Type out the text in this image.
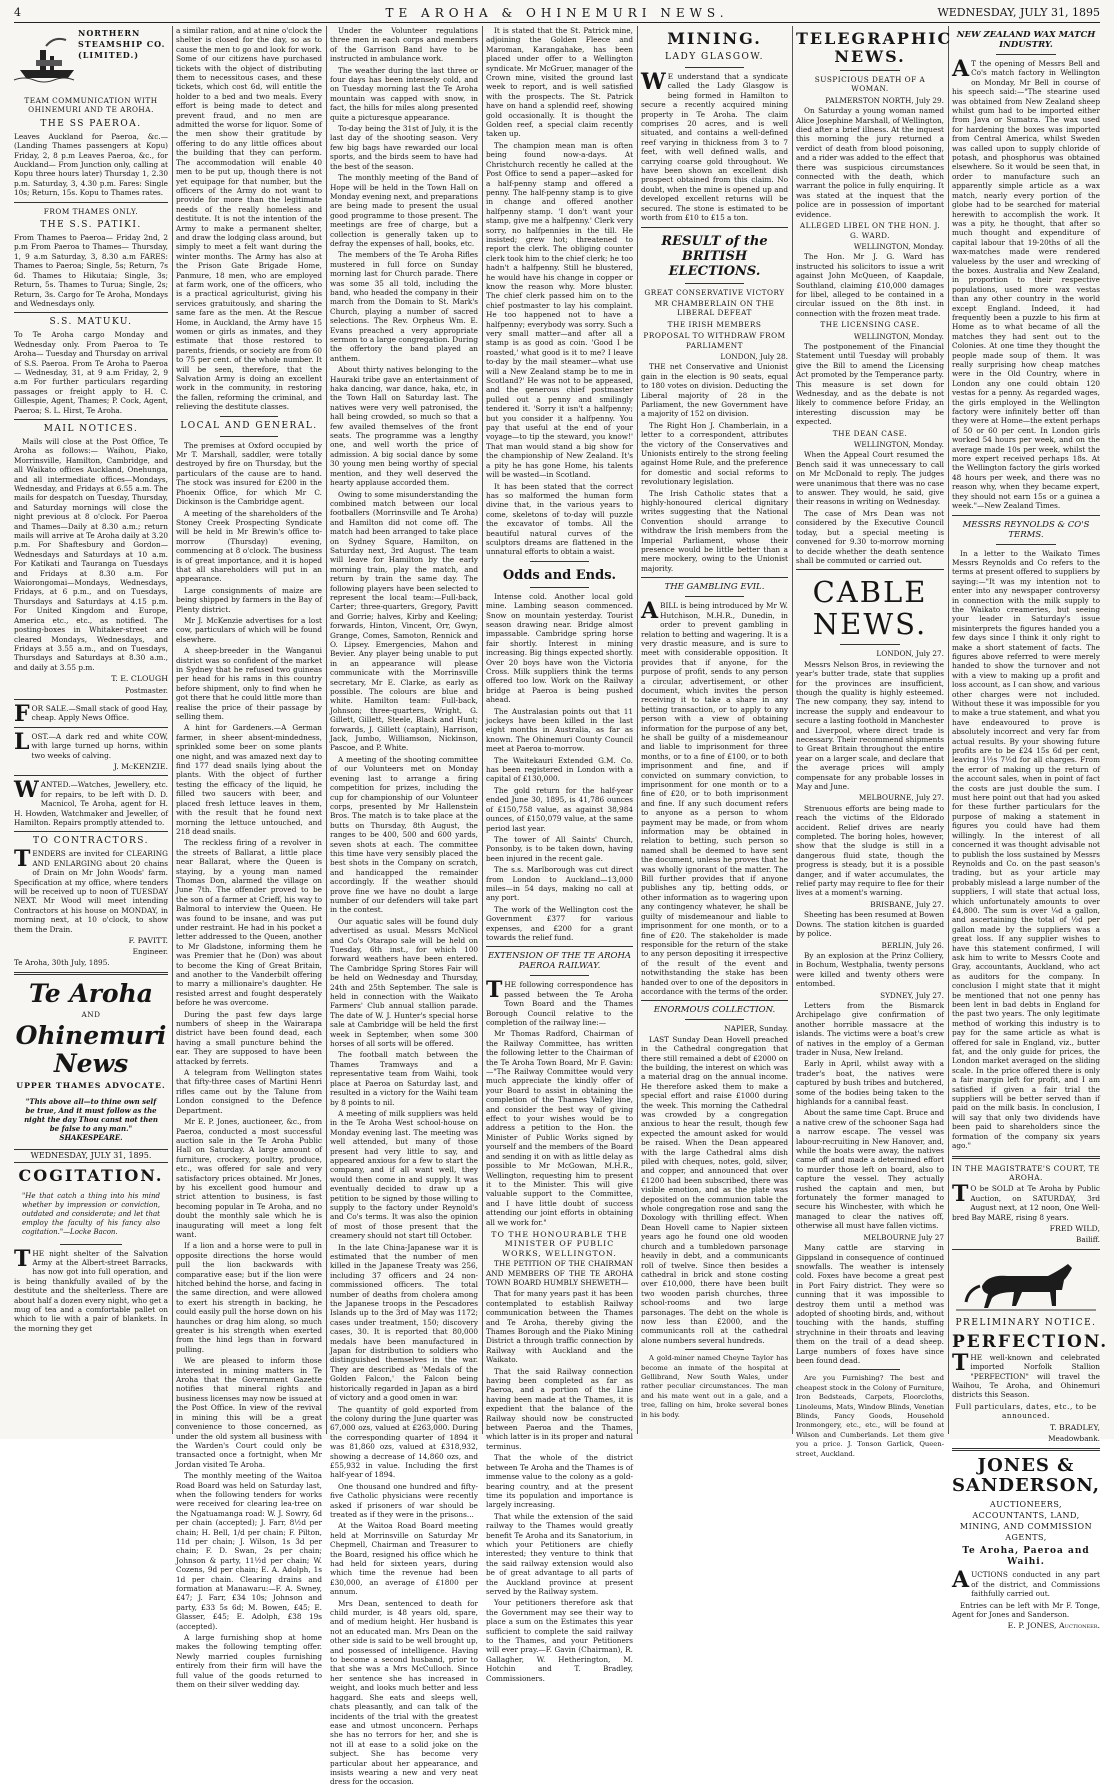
4	TE AROHA & OHINEMURI NEWS.	WEDNESDAY, JULY 31, 1895

NORTHERN STEAMSHIP CO. (LIMITED.)

TEAM COMMUNICATION WITH OHINEMURI AND TE AROHA.

THE SS PAEROA.

Leaves Auckland for Paeroa, &c.— (Landing Thames passengers at Kopu) Friday, 2, 8 p.m Leaves Paeroa, &c., for Auckland— From Junction only, calling at Kopu three hours later) Thursday 1, 2.30 p.m. Saturday, 3, 4.30 p.m. Fares: Single 10s; Return, 15s. Kopu to Thames rates.

FROM THAMES ONLY.

THE S.S. PATIKI.

From Thames to Paeroa— Friday 2nd, 2 p.m From Paeroa to Thames— Thursday, 1, 9 a.m Saturday, 3, 8.30 a.m FARES: Thames to Paeroa; Single, 5s; Return, 7s 6d. Thames to Hikutaia; Single, 3s; Return, 5s. Thames to Turua; Single, 2s; Return, 3s. Cargo for Te Aroha, Mondays and Wednesdays only.

S.S. MATUKU.

To Te Aroha cargo Monday and Wednesday only. From Paeroa to Te Aroha— Tuesday and Thursday on arrival of S.S. Paeroa. From Te Aroha to Paeroa— Wednesday, 31, at 9 a.m Friday, 2, 9 a.m For further particulars regarding passages or freight apply to H. C. Gillespie, Agent, Thames; P. Cock, Agent, Paeroa; S. L. Hirst, Te Aroha.

MAIL NOTICES.

Mails will close at the Post Office, Te Aroha as follows:— Waihou, Piako, Morrinsville, Hamilton, Cambridge, and all Waikato offices Auckland, Onehunga, and all intermediate offices—Mondays, Wednesday, and Fridays at 6.55 a.m. The mails for despatch on Tuesday, Thursday, and Saturday mornings will close the night previous at 8 o'clock. For Paeroa and Thames—Daily at 8.30 a.m.; return mails will arrive at Te Aroha daily at 3.20 p.m. For Shaftesbury and Gordon—Wednesdays and Saturdays at 10 a.m. For Katikati and Tauranga on Tuesdays and Fridays at 8.30 a.m. For Waiorongomai—Mondays, Wednesdays, Fridays, at 6 p.m., and on Tuesdays, Thursdays and Saturdays at 4.15 p.m. For United Kingdom and Europe, America etc., etc., as notified. The posting-boxes in Whitaker-street are cleared Mondays, Wednesdays, and Fridays at 3.55 a.m., and on Tuesdays, Thursdays and Saturdays at 8.30 a.m., and daily at 3.55 p.m.

T. E. CLOUGH

Postmaster.

FOR SALE.—Small stack of good Hay, cheap. Apply News Office.

LOST.—A dark red and white COW, with large turned up horns, within two weeks of calving.

J. McKENZIE.

WANTED.—Watches, Jewellery, etc. for repairs, to be left with D. D. Macnicol, Te Aroha, agent for H. H. Howden, Watchmaker and Jeweller, of Hamilton. Repairs promptly attended to.

TO CONTRACTORS.

TENDERS are invited for CLEARING AND ENLARGING about 20 chains of Drain on Mr John Woods' farm. Specification at my office, where tenders will be received up to noon of TUESDAY NEXT. Mr Wood will meet intending Contractors at his house on MONDAY, in morning next, at 10 o'clock, to show them the Drain.

F. PAVITT.

Engineer.

Te Aroha, 30th July, 1895.

Te Aroha

AND

Ohinemuri News

UPPER THAMES ADVOCATE.

"This above all—to thine own self be true, And it must follow as the night the day Thou canst not then be false to any man." SHAKESPEARE.

WEDNESDAY, JULY 31, 1895.

COGITATION.

"He that catch a thing into his mind whether by impression or conviction, outdated and considerate; and let that employ the faculty of his fancy also cogitation."—Locke Bacon.

THE night shelter of the Salvation Army at the Albert-street Barracks, has now got into full operation, and is being thankfully availed of by the destitute and the shelterless. There are about half a dozen every night, who get a mug of tea and a comfortable pallet on which to lie with a pair of blankets. In the morning they get

a similar ration, and at nine o'clock the shelter is closed for the day, so as to cause the men to go and look for work. Some of our citizens have purchased tickets with the object of distributing them to necessitous cases, and these tickets, which cost 6d, will entitle the holder to a bed and two meals. Every effort is being made to detect and prevent fraud, and no men are admitted the worse for liquor. Some of the men show their gratitude by offering to do any little offices about the building that they can perform. The accommodation will enable 40 men to be put up, though there is not yet equipage for that number, but the officers of the Army do not want to provide for more than the legitimate needs of the really homeless and destitute. It is not the intention of the Army to make a permanent shelter, and draw the lodging class around, but simply to meet a felt want during the winter months. The Army has also at the Prison Gate Brigade Home, Panmure, 18 men, who are employed at farm work, one of the officers, who is a practical agriculturist, giving his services gratuitously, and sharing the same fare as the men. At the Rescue Home, in Auckland, the Army have 15 women or girls as inmates, and they estimate that those restored to parents, friends, or society are from 60 to 75 per cent. of the whole number. It will be seen, therefore, that the Salvation Army is doing an excellent work in the community, in restoring the fallen, reforming the criminal, and relieving the destitute classes.

LOCAL AND GENERAL.

The premises at Oxford occupied by Mr T. Marshall, saddler, were totally destroyed by fire on Thursday, but the particulars of the cause are to hand. The stock was insured for £200 in the Phoenix Office, for which Mr C. Dickinson is the Cambridge agent.

A meeting of the shareholders of the Stoney Creek Prospecting Syndicate will be held in Mr Brewin's office to-morrow (Thursday) evening, commencing at 8 o'clock. The business is of great importance, and it is hoped that all shareholders will put in an appearance.

Large consignments of maize are being shipped by farmers in the Bay of Plenty district.

Mr J. McKenzie advertises for a lost cow, particulars of which will be found elsewhere.

A sheep-breeder in the Wanganui district was so confident of the market in Sydney that he refused two guineas per head for his rams in this country before shipment, only to find when he got there that he could little more than realise the price of their passage by selling them.

A hint for Gardeners.—A German farmer, in sheer absent-mindedness, sprinkled some beer on some plants one night, and was amazed next day to find 177 dead snails lying about the plants. With the object of further testing the efficacy of the liquid, he filled two saucers with beer, and placed fresh lettuce leaves in them, with the result that he found next morning the lettuce untouched, and 218 dead snails.

The reckless firing of a revolver in the streets of Ballarat, a little place near Ballarat, where the Queen is staying, by a young man named Thomas Don, alarmed the village on June 7th. The offender proved to be the son of a farmer at Crieff, his way to Balmoral to interview the Queen. He was found to be insane, and was put under restraint. He had in his pocket a letter addressed to the Queen, another to Mr Gladstone, informing them he was Premier that he (Don) was about to become the King of Great Britain, and another to the Vanderbilt offering to marry a millionaire's daughter. He resisted arrest and fought desperately before he was overcome.

During the past few days large numbers of sheep in the Wairarapa district have been found dead, each having a small puncture behind the ear. They are supposed to have been attacked by ferrets.

A telegram from Wellington states that fifty-three cases of Martini Henri rifles came out by the Talune from London consigned to the Defence Department.

Mr E. P. Jones, auctioneer, &c., from Paeroa, conducted a most successful auction sale in the Te Aroha Public Hall on Saturday. A large amount of furniture, crockery, poultry, produce, etc., was offered for sale and very satisfactory prices obtained. Mr Jones, by his excellent good humour and strict attention to business, is fast becoming popular in Te Aroha, and no doubt the monthly sale which he is inaugurating will meet a long felt want.

If a lion and a horse were to pull in opposite directions the horse would pull the lion backwards with comparative ease; but if the lion were hitched behind the horse, and facing in the same direction, and were allowed to exert his strength in backing, he could easily pull the horse down on his haunches or drag him along, so much greater is his strength when exerted from the hind legs than in forward pulling.

We are pleased to inform those interested in mining matters in Te Aroha that the Government Gazette notifies that mineral rights and business licenses may now be issued at the Post Office. In view of the revival in mining this will be a great convenience to those concerned, as under the old system all business with the Warden's Court could only be transacted once a fortnight, when Mr Jordan visited Te Aroha.

The monthly meeting of the Waitoa Road Board was held on Saturday last, when the following tenders for works were received for clearing lea-tree on the Ngatuamanga road: W. J. Sowry, 6d per chain (accepted); J. Farr, 8½d per chain; H. Bell, 1/d per chain; F. Pilton, 11d per chain; J. Wilson, 1s 3d per chain; F. D. Swan, 2s per chain; Johnson & party, 11½d per chain; W. Cozens, 9d per chain; E. A. Adolph, 1s 1d per chain. Clearing drains and formation at Manawaru:—F. A. Swney, £47; J. Farr, £34 10s; Johnson and party, £33 5s 6d; M. Bowen, £45; E. Glasser, £45; E. Adolph, £38 19s (accepted).

A large furnishing shop at home makes the following tempting offer. Newly married couples furnishing entirely from their firm will have the full value of the goods returned to them on their silver wedding day.

Under the Volunteer regulations three men in each corps and members of the Garrison Band have to be instructed in ambulance work.

The weather during the last three or four days has been intensely cold, and on Tuesday morning last the Te Aroha mountain was capped with snow, in fact, the hills for miles along presented quite a picturesque appearance.

To-day being the 31st of July, it is the last day of the shooting season. Very few big bags have rewarded our local sports, and the birds seem to have had the best of the season.

The monthly meeting of the Band of Hope will be held in the Town Hall on Monday evening next, and preparations are being made to present the usual good programme to those present. The meetings are free of charge, but a collection is generally taken up to defray the expenses of hall, books, etc.

The members of the Te Aroha Rifles mustered in full force on Sunday morning last for Church parade. There was some 35 all told, including the band, who headed the company in their march from the Domain to St. Mark's Church, playing a number of sacred selections. The Rev. Orpheus Wm. E. Evans preached a very appropriate sermon to a large congregation. During the offertory the band played an anthem.

About thirty natives belonging to the Hauraki tribe gave an entertainment of haka dancing, war dance, haka, etc, in the Town Hall on Saturday last. The natives were very well patronised, the hall being crowded, so much so that a few availed themselves of the front seats. The programme was a lengthy one, and well worth the price of admission. A big social dance by some 30 young men being worthy of special mention, and they well deserved the hearty applause accorded them.

Owing to some misunderstanding the combined match between our local footballers (Morrinsville and Te Aroha) and Hamilton did not come off. The match had been arranged to take place on Sydney Square, Hamilton, on Saturday next, 3rd August. The team will leave for Hamilton by the early morning train, play the match, and return by train the same day. The following players have been selected to represent the local team:—Full-back, Carter; three-quarters, Gregory, Pavitt and Gorrie; halves, Kirby and Keeling; forwards, Hinton, Vincent, Orr, Gwyn, Grange, Comes, Samoton, Rennick and O. Lipsey. Emergencies, Mahon and Bevier. Any player being unable to put in an appearance will please communicate with the Morrinsville secretary, Mr E. Clarke, as early as possible. The colours are blue and white. Hamilton team: Full-back, Johnson; three-quarters, Wright, G. Gillett, Gillett, Steele, Black and Hunt; forwards, J. Gillett (captain), Harrison, Jack, Jumbo, Williamson, Nickinson, Pascoe, and P. White.

A meeting of the shooting committee of our Volunteers met on Monday evening last to arrange a firing competition for prizes, including the cup for championship of our Volunteer corps, presented by Mr Hallenstein Bros. The match is to take place at the butts on Thursday, 8th August, the ranges to be 400, 500 and 600 yards, seven shots at each. The committee this time have very sensibly placed the best shots in the Company on scratch, and handicapped the remainder accordingly. If the weather should prove fine we have no doubt a large number of our defenders will take part in the contest.

Our aquatic sales will be found duly advertised as usual. Messrs McNicol and Co's Otarapo sale will be held on Tuesday, 6th inst., for which 100 forward weathers have been entered. The Cambridge Spring Stores Fair will be held on Wednesday and Thursday, 24th and 25th September. The sale is held in connection with the Waikato Farmers' Club annual stallion parade. The date of W. J. Hunter's special horse sale at Cambridge will be held the first week in September, when some 300 horses of all sorts will be offered.

The football match between the Thames Tramways and a representative team from Waihi, took place at Paeroa on Saturday last, and resulted in a victory for the Waihi team by 8 points to nil.

A meeting of milk suppliers was held in the Te Aroha West school-house on Monday evening last. The meeting was well attended, but many of those present had very little to say, and appeared anxious for a few to start the company, and if all want well, they would then come in and supply. It was eventually decided to draw up a petition to be signed by those willing to supply to the factory under Reynold's and Co's terms. It was also the opinion of most of those present that the creamery should not start till October.

In the late China-Japanese war it is estimated that the number of men killed in the Japanese Treaty was 256, including 37 officers and 24 non-commissioned officers. The total number of deaths from cholera among the Japanese troops in the Pescadores Islands up to the 3rd of May was 1172; cases under treatment, 150; discovery cases, 30. It is reported that 80,000 medals have been manufactured in Japan for distribution to soldiers who distinguished themselves in the war. They are described as 'Medals of the Golden Falcon,' the Falcon being historically regarded in Japan as a bird of victory and a good omen in war.

The quantity of gold exported from the colony during the June quarter was 67,000 ozs, valued at £263,000. During the corresponding quarter of 1894 it was 81,860 ozs, valued at £318,932, showing a decrease of 14,860 ozs, and £55,932 in value. Including the first half-year of 1894.

One thousand one hundred and fifty-five Catholic physicians were recently asked if prisoners of war should be treated as if they were in the prisons...

At the Waitoa Road Board meeting held at Morrinsville on Saturday Mr Chepmell, Chairman and Treasurer to the Board, resigned his office which he had held for sixteen years, during which time the revenue had been £30,000, an average of £1800 per annum.

Mrs Dean, sentenced to death for child murder, is 48 years old, spare, and of medium height. Her husband is not an educated man. Mrs Dean on the other side is said to be well brought up, and possessed of intelligence. Having to become a second husband, prior to that she was a Mrs McCulloch. Since her sentence she has increased in weight, and looks much better and less haggard. She eats and sleeps well, chats pleasantly, and can talk of the incidents of the trial with the greatest ease and utmost unconcern. Perhaps she has no terrors for her, and she is not ill at ease to a solid joke on the subject. She has become very particular about her appearance, and insists wearing a new and very neat dress for the occasion.

It is stated that the St. Patrick mine, adjoining the Golden Fleece and Maroman, Karangahake, has been placed under offer to a Wellington syndicate. Mr McGruer, manager of the Crown mine, visited the ground last week to report, and is well satisfied with the prospects. The St. Patrick have on hand a splendid reef, showing gold occasionally. It is thought the Golden reef, a special claim recently taken up.

The champion mean man is often being found now-a-days. At Christchurch recently he called at the Post Office to send a paper—asked for a half-penny stamp and offered a penny. The half-penny stamp is to give in change and offered another halfpenny stamp. 'I don't want your stamp, give me a halfpenny.' Clerk very sorry, no halfpennies in the till. He insisted; grew hot; threatened to report the clerk. The obliging counter clerk took him to the chief clerk; he too hadn't a halfpenny. Still he blustered, he would have his change in copper or know the reason why. More bluster. The chief clerk passed him on to the chief postmaster to lay his complaint. He too happened not to have a halfpenny; everybody was sorry. Such a very small matter—and after all a stamp is as good as coin. 'Good I be roasted,' what good is it to me? I leave to-day by the mail steamer—what use will a New Zealand stamp be to me in Scotland?' He was not to be appeased, and the generous chief postmaster pulled out a penny and smilingly tendered it. 'Sorry it isn't a halfpenny; but you consider it a halfpenny. You pay that useful at the end of your voyage—to tip the steward, you know!' That man would stand a big show for the championship of New Zealand. It's a pity he has gone Home, his talents will be wasted—in Scotland.

It has been stated that the correct has so malformed the human form divine that, in the various years to come, skeletons of to-day will puzzle the excavator of tombs. All the beautiful natural curves of the sculptors dreams are flattened in the unnatural efforts to obtain a waist.

Odds and Ends.

Intense cold. Another local gold mine. Lambing season commenced. Snow on mountain yesterday. Tourist season drawing near. Bridge almost impassable. Cambridge spring horse fair shortly. Interest in mining increasing. Big things expected shortly. Over 20 boys have won the Victoria Cross. Milk suppliers think the terms offered too low. Work on the Railway bridge at Paeroa is being pushed ahead.

The Australasian points out that 11 jockeys have been killed in the last eight months in Australia, as far as known. The Ohinemuri County Council meet at Paeroa to-morrow.

The Waitekauri Extended G.M. Co. has been registered in London with a capital of £130,000.

The gold return for the half-year ended June 30, 1895, is 41,786 ounces of £150,758 value, as against 38,984 ounces, of £150,079 value, at the same period last year.

The tower of All Saints' Church, Ponsonby, is to be taken down, having been injured in the recent gale.

The s.s. Marlborough was cut direct from London to Auckland—13,000 miles—in 54 days, making no call at any port.

The work of the Wellington cost the Government £377 for various expenses, and £200 for a grant towards the relief fund.

EXTENSION OF THE TE AROHA PAEROA RAILWAY.

THE following correspondence has passed between the Te Aroha Town Board and the Thames Borough Council relative to the completion of the railway line:—

Mr Thomas Radford, Chairman of the Railway Committee, has written the following letter to the Chairman of the Te Aroha Town Board, Mr F. Gavin:—"The Railway Committee would very much appreciate the kindly offer of your Board to assist in obtaining the completion of the Thames Valley line, and consider the best way of giving effect to your wishes would be to address a petition to the Hon. the Minister of Public Works signed by yourself and the members of the Board and sending it on with as little delay as possible to Mr McGowan, M.H.R., Wellington, requesting him to present it to the Minister. This will give valuable support to the Committee, and I have little doubt of success attending our joint efforts in obtaining all we work for."

TO THE HONOURABLE THE MINISTER OF PUBLIC WORKS, WELLINGTON.

THE PETITION OF THE CHAIRMAN AND MEMBERS OF THE TE AROHA TOWN BOARD HUMBLY SHEWETH—

That for many years past it has been contemplated to establish Railway communication between the Thames and Te Aroha, thereby giving the Thames Borough and the Piako Mining District a through traffic connection by Railway with Auckland and the Waikato.

That the said Railway connection having been completed as far as Paeroa, and a portion of the Line having been made at the Thames, it is expedient that the balance of the Railway should now be constructed between Paeroa and the Thames, which latter is in its proper and natural terminus.

That the whole of the district between Te Aroha and the Thames is of immense value to the colony as a gold-bearing country, and at the present time its population and importance is largely increasing.

That while the extension of the said railway to the Thames would greatly benefit Te Aroha and its Sanatorium, in which your Petitioners are chiefly interested; they venture to think that the said railway extension would also be of great advantage to all parts of the Auckland province at present served by the Railway system.

Your petitioners therefore ask that the Government may see their way to place a sum on the Estimates this year sufficient to complete the said railway to the Thames, and your Petitioners will ever pray.—F. Gavin (Chairman), R. Gallagher, W. Hetherington, M. Hotchin and T. Bradley, Commissioners.

MINING.

LADY GLASGOW.

WE understand that a syndicate called the Lady Glasgow is being formed in Hamilton to secure a recently acquired mining property in Te Aroha. The claim comprises 20 acres, and is well situated, and contains a well-defined reef varying in thickness from 3 to 7 feet, with well defined walls, and carrying coarse gold throughout. We have been shown an excellent dish prospect obtained from this claim. No doubt, when the mine is opened up and developed excellent returns will be secured. The stone is estimated to be worth from £10 to £15 a ton.

RESULT of the BRITISH ELECTIONS.

GREAT CONSERVATIVE VICTORY

MR CHAMBERLAIN ON THE LIBERAL DEFEAT

THE IRISH MEMBERS

PROPOSAL TO WITHDRAW FROM PARLIAMENT

LONDON, July 28.

THE net Conservative and Unionist gain in the election is 90 seats, equal to 180 votes on division. Deducting the Liberal majority of 28 in the Parliament, the new Government have a majority of 152 on division.

The Right Hon J. Chamberlain, in a letter to a correspondent, attributes the victory of the Conservatives and Unionists entirely to the strong feeling against Home Rule, and the preference for domestic and social reforms to revolutionary legislation.

The Irish Catholic states that a highly-honoured clerical dignitary writes suggesting that the National Convention should arrange to withdraw the Irish members from the Imperial Parliament, whose their presence would be little better than a mere mockery, owing to the Unionist majority.

THE GAMBLING EVIL.

ABILL is being introduced by Mr W. Hutchison, M.H.R., Dunedin, in order to prevent gambling in relation to betting and wagering. It is a very drastic measure, and is sure to meet with considerable opposition. It provides that if anyone, for the purpose of profit, sends to any person a circular, advertisement, or other document, which invites the person receiving it to take a share in any betting transaction, or to apply to any person with a view of obtaining information for the purpose of any bet, he shall be guilty of a misdemeanour and liable to imprisonment for three months, or to a fine of £100, or to both imprisonment and fine, and if convicted on summary conviction, to imprisonment for one month or to a fine of £20, or to both imprisonment and fine. If any such document refers to anyone as a person to whom payment may be made, or from whom information may be obtained in relation to betting, such person so named shall be deemed to have sent the document, unless he proves that he was wholly ignorant of the matter. The Bill further provides that if anyone publishes any tip, betting odds, or other information as to wagering upon any contingency whatever, he shall be guilty of misdemeanour and liable to imprisonment for one month, or to a fine of £20. The stakeholder is made responsible for the return of the stake to any person depositing it irrespective of the result of the event and notwithstanding the stake has been handed over to one of the depositors in accordance with the terms of the order.

ENORMOUS COLLECTION.

NAPIER, Sunday.

LAST Sunday Dean Hovell preached in the Cathedral congregation that there still remained a debt of £2000 on the building, the interest on which was a material drag on the annual income. He therefore asked them to make a special effort and raise £1000 during the week. This morning the Cathedral was crowded by a congregation anxious to hear the result, though few expected the amount asked for would be raised. When the Dean appeared with the large Cathedral alms dish piled with cheques, notes, gold, silver, and copper, and announced that over £1200 had been subscribed, there was visible emotion, and as the plate was deposited on the communion table the whole congregation rose and sang the Doxology with thrilling effect. When Dean Hovell came to Napier sixteen years ago he found one old wooden church and a tumbledown parsonage heavily in debt, and a communicants roll of twelve. Since then besides a cathedral in brick and stone costing over £10,000, there have been built two wooden parish churches, three school-rooms and two large parsonages. The debt on the whole is now less than £2000, and the communicants roll at the cathedral alone numbers several hundreds.

A gold-miner named Cheyne Taylor has become an inmate of the hospital at Gellibrand, New South Wales, under rather peculiar circumstances. The man and his mate went out in a gale, and a tree, falling on him, broke several bones in his body.

TELEGRAPHIC NEWS.

SUSPICIOUS DEATH OF A WOMAN.

PALMERSTON NORTH, July 29.

On Saturday a young woman named Alice Josephine Marshall, of Wellington, died after a brief illness. At the inquest this morning the jury returned a verdict of death from blood poisoning, and a rider was added to the effect that there was suspicious circumstances connected with the death, which warrant the police in fully enquiring. It was stated at the inquest that the police are in possession of important evidence.

ALLEGED LIBEL ON THE HON. J. G. WARD.

WELLINGTON, Monday.

The Hon. Mr J. G. Ward has instructed his solicitors to issue a writ against John McQueen, of Kaapdale, Southland, claiming £10,000 damages for libel, alleged to be contained in a circular issued on the 8th inst. in connection with the frozen meat trade.

THE LICENSING CASE.

WELLINGTON, Monday.

The postponement of the Financial Statement until Tuesday will probably give the Bill to amend the Licensing Act promoted by the Temperance party. This measure is set down for Wednesday, and as the debate is not likely to commence before Friday, an interesting discussion may be expected.

THE DEAN CASE.

WELLINGTON, Monday.

When the Appeal Court resumed the Bench said it was unnecessary to call on Mr McDonald to reply. The judges were unanimous that there was no case to answer. They would, he said, give their reasons in writing on Wednesday.

The case of Mrs Dean was not considered by the Executive Council today, but a special meeting is convened for 9.30 to-morrow morning to decide whether the death sentence shall be commuted or carried out.

CABLE NEWS.

LONDON, July 27.

Messrs Nelson Bros, in reviewing the year's butter trade, state that supplies for the provinces are insufficient, though the quality is highly esteemed. The new company, they say, intend to increase the supply and endeavour to secure a lasting foothold in Manchester and Liverpool, where direct trade is necessary. Their recommend shipments to Great Britain throughout the entire year on a larger scale, and declare that the average prices will amply compensate for any probable losses in May and June.

MELBOURNE, July 27.

Strenuous efforts are being made to reach the victims of the Eldorado accident. Relief drives are nearly completed. The boring holes, however, show that the sludge is still in a dangerous fluid state, though the progress is steady, but it is a possible danger, and if water accumulates, the relief party may require to flee for their lives at a moment's warning.

BRISBANE, July 27.

Sheeting has been resumed at Bowen Downs. The station kitchen is guarded by police.

BERLIN, July 26.

By an explosion at the Prinz Colliery, in Bochum, Westphalia, twenty persons were killed and twenty others were entombed.

SYDNEY, July 27.

Letters from the Bismarck Archipelago give confirmation of another horrible massacre at the islands. The victims were a boat's crew of natives in the employ of a German trader in Nusa, New Ireland.

Early in April, whilst away with a trader's boat, the natives were captured by bush tribes and butchered, some of the bodies being taken to the highlands for a cannibal feast.

About the same time Capt. Bruce and a native crew of the schooner Saga had a narrow escape. The vessel was labour-recruiting in New Hanover, and, while the boats were away, the natives came off and made a determined effort to murder those left on board, also to capture the vessel. They actually rushed the captain and men, but fortunately the former managed to secure his Winchester, with which he managed to clear the natives off, otherwise all must have fallen victims.

MELBOURNE July 27

Many cattle are starving in Gippsland in consequence of continued snowfalls. The weather is intensely cold. Foxes have become a great pest in Port Fairy district. They were so cunning that it was impossible to destroy them until a method was adopted of shooting birds, and, without touching with the hands, stuffing strychnine in their throats and leaving them on the trail of a dead sheep. Large numbers of foxes have since been found dead.

Are you Furnishing? The best and cheapest stock in the Colony of Furniture, Iron Bedsteads, Carpets, Floorcloths, Linoleums, Mats, Window Blinds, Venetian Blinds, Fancy Goods, Household Ironmongery, etc., etc., will be found at Wilson and Cumberlands. Let them give you a price. J. Tonson Garlick, Queen-street, Auckland.

NEW ZEALAND WAX MATCH INDUSTRY.

AT the opening of Messrs Bell and Co's match factory in Wellington on Monday, Mr Bell in course of his speech said:—"The stearine used was obtained from New Zealand sheep whilst gum had to be imported either from Java or Sumatra. The wax used for hardening the boxes was imported from Central America, whilst Sweden was called upon to supply chloride of potash, and phosphorus was obtained elsewhere. So it would be seen that, in order to manufacture such an apparently simple article as a wax match, nearly every portion of the globe had to be searched for material herewith to accomplish the work. It was a pity, he thought, that after so much thought and expenditure of capital labour that 19-20ths of all the wax-matches made were rendered valueless by the user and wrecking of the boxes. Australia and New Zealand, in proportion to their respective populations, used more wax vestas than any other country in the world except England. Indeed, it had frequently been a puzzle to his firm at Home as to what became of all the matches they had sent out to the Colonies. At one time they thought the people made soup of them. It was really surprising how cheap matches were in the Old Country, where in London any one could obtain 120 vestas for a penny. As regarded wages, the girls employed in the Wellington factory were infinitely better off than they were at Home—the extent perhaps of 50 or 60 per cent. In London girls worked 54 hours per week, and on the average made 10s per week, whilst the more expert received perhaps 18s. At the Wellington factory the girls worked 48 hours per week, and there was no reason why, when they became expert, they should not earn 15s or a guinea a week."—New Zealand Times.

MESSRS REYNOLDS & CO'S TERMS.

In a letter to the Waikato Times Messrs Reynolds and Co refers to the terms at present offered to suppliers by saying:—"It was my intention not to enter into any newspaper controversy in connection with the milk supply to the Waikato creameries, but seeing your leader in Saturday's issue misinterprets the figures handed you a few days since I think it only right to make a short statement of facts. The figures above referred to were merely handed to show the turnover and not with a view to making up a profit and loss account, as I can show, and various other charges were not included. Without these it was impossible for you to make a true statement, and what you have endeavoured to prove is absolutely incorrect and very far from actual results. By your showing future profits are to be £24 15s 6d per cent, leaving 1½s 7½d for all charges. From the error of making up the return of the account sales, when in point of fact the costs are just double the sum. I must here point out that had you asked for these further particulars for the purpose of making a statement in figures you could have had them willingly. In the interest of all concerned it was thought advisable not to publish the loss sustained by Messrs Reynolds and Co. on the past season's trading, but as your article may probably mislead a large number of the suppliers, I will state that actual loss, which unfortunately amounts to over £4,800. The sum is over ¼d a gallon, and ascertaining the total of ½d per gallon made by the suppliers was a great loss. If any supplier wishes to have this statement confirmed, I will ask him to write to Messrs Coote and Gray, accountants, Auckland, who act as auditors for the company. In conclusion I might state that it might be mentioned that not one penny has been lent in bad debts in England for the past two years. The only legitimate method of working this industry is to pay for the same article as what is offered for sale in England, viz., butter fat, and the only guide for prices, the London market averaged on the sliding scale. In the price offered there is only a fair margin left for profit, and I am satisfied if given a fair trial the suppliers will be better served than if paid on the milk basis. In conclusion, I will say that only two dividends have been paid to shareholders since the formation of the company six years ago."

IN THE MAGISTRATE'S COURT, TE AROHA.

TO be SOLD at Te Aroha by Public Auction, on SATURDAY, 3rd August next, at 12 noon, One Well-bred Bay MARE, rising 8 years.

FRED WILD,

Bailiff.

PRELIMINARY NOTICE.

PERFECTION.

THE well-known and celebrated imported Norfolk Stallion "PERFECTION" will travel the Waihou, Te Aroha, and Ohinemuri districts this Season.

Full particulars, dates, etc., to be announced.

T. BRADLEY,

Meadowbank.

JONES & SANDERSON,

AUCTIONEERS, ACCOUNTANTS, LAND, MINING, AND COMMISSION AGENTS,

Te Aroha, Paeroa and Waihi.

AUCTIONS conducted in any part of the district, and Commissions faithfully carried out.

Entries can be left with Mr F. Tonge, Agent for Jones and Sanderson.

E. P. JONES, Auctioneer.
